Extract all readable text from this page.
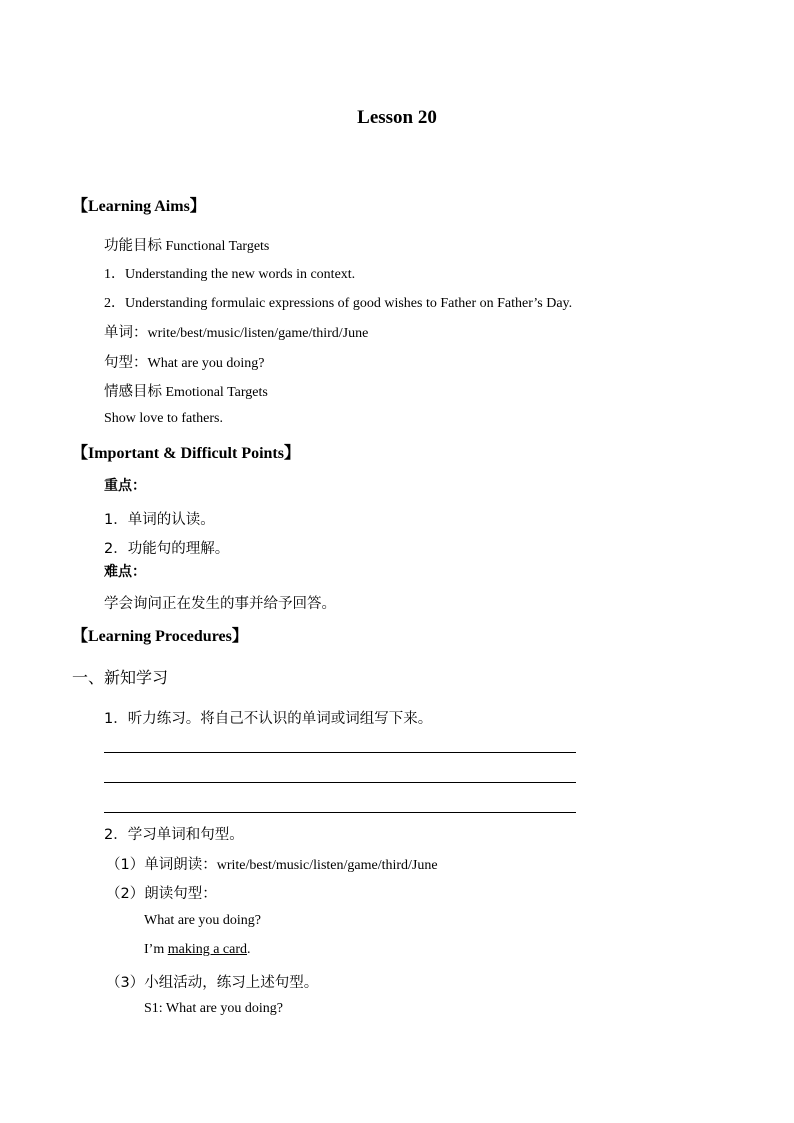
Lesson 20
【Learning Aims】
功能目标 Functional Targets
1．Understanding the new words in context.
2．Understanding formulaic expressions of good wishes to Father on Father’s Day.
单词：write/best/music/listen/game/third/June
句型：What are you doing?
情感目标 Emotional Targets
Show love to fathers.
【Important & Difficult Points】
重点：
1．单词的认读。
2．功能句的理解。
难点：
学会询问正在发生的事并给予回答。
【Learning Procedures】
一、新知学习
1．听力练习。将自己不认识的单词或词组写下来。
2．学习单词和句型。
（1）单词朗读：write/best/music/listen/game/third/June
（2）朗读句型：
What are you doing?
I’m making a card.
（3）小组活动，练习上述句型。
S1: What are you doing?
